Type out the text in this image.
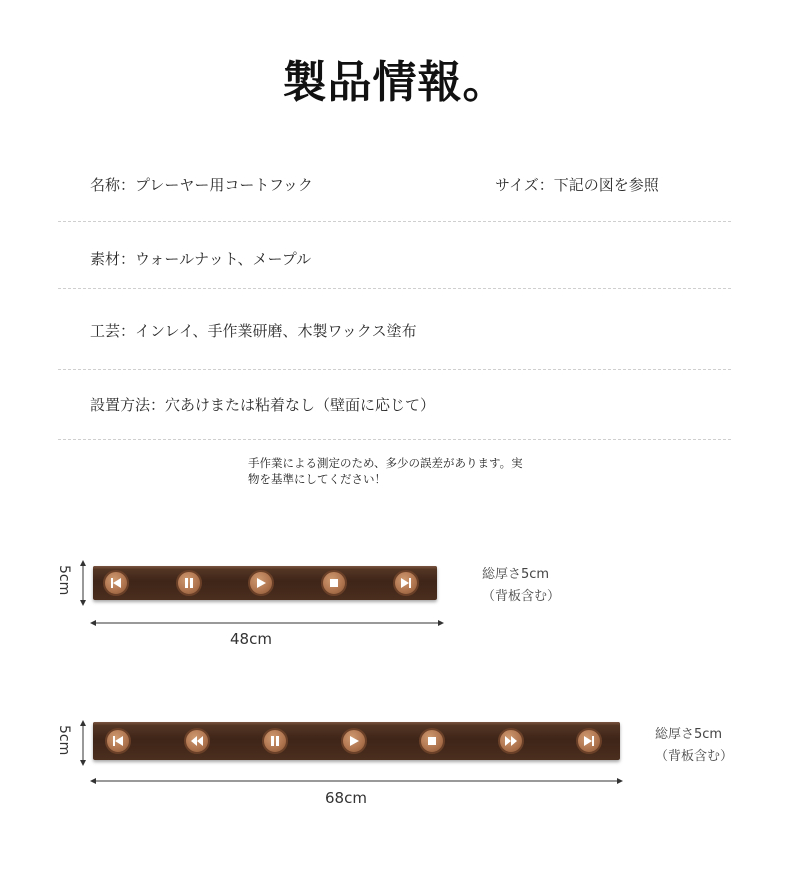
製品情報。
名称：プレーヤー用コートフック	サイズ：下記の図を参照
素材：ウォールナット、メープル
工芸：インレイ、手作業研磨、木製ワックス塗布
設置方法：穴あけまたは粘着なし（壁面に応じて）
手作業による測定のため、多少の誤差があります。実
物を基準にしてください！
5cm
48cm
総厚さ5cm
（背板含む）
5cm
68cm
総厚さ5cm
（背板含む）
